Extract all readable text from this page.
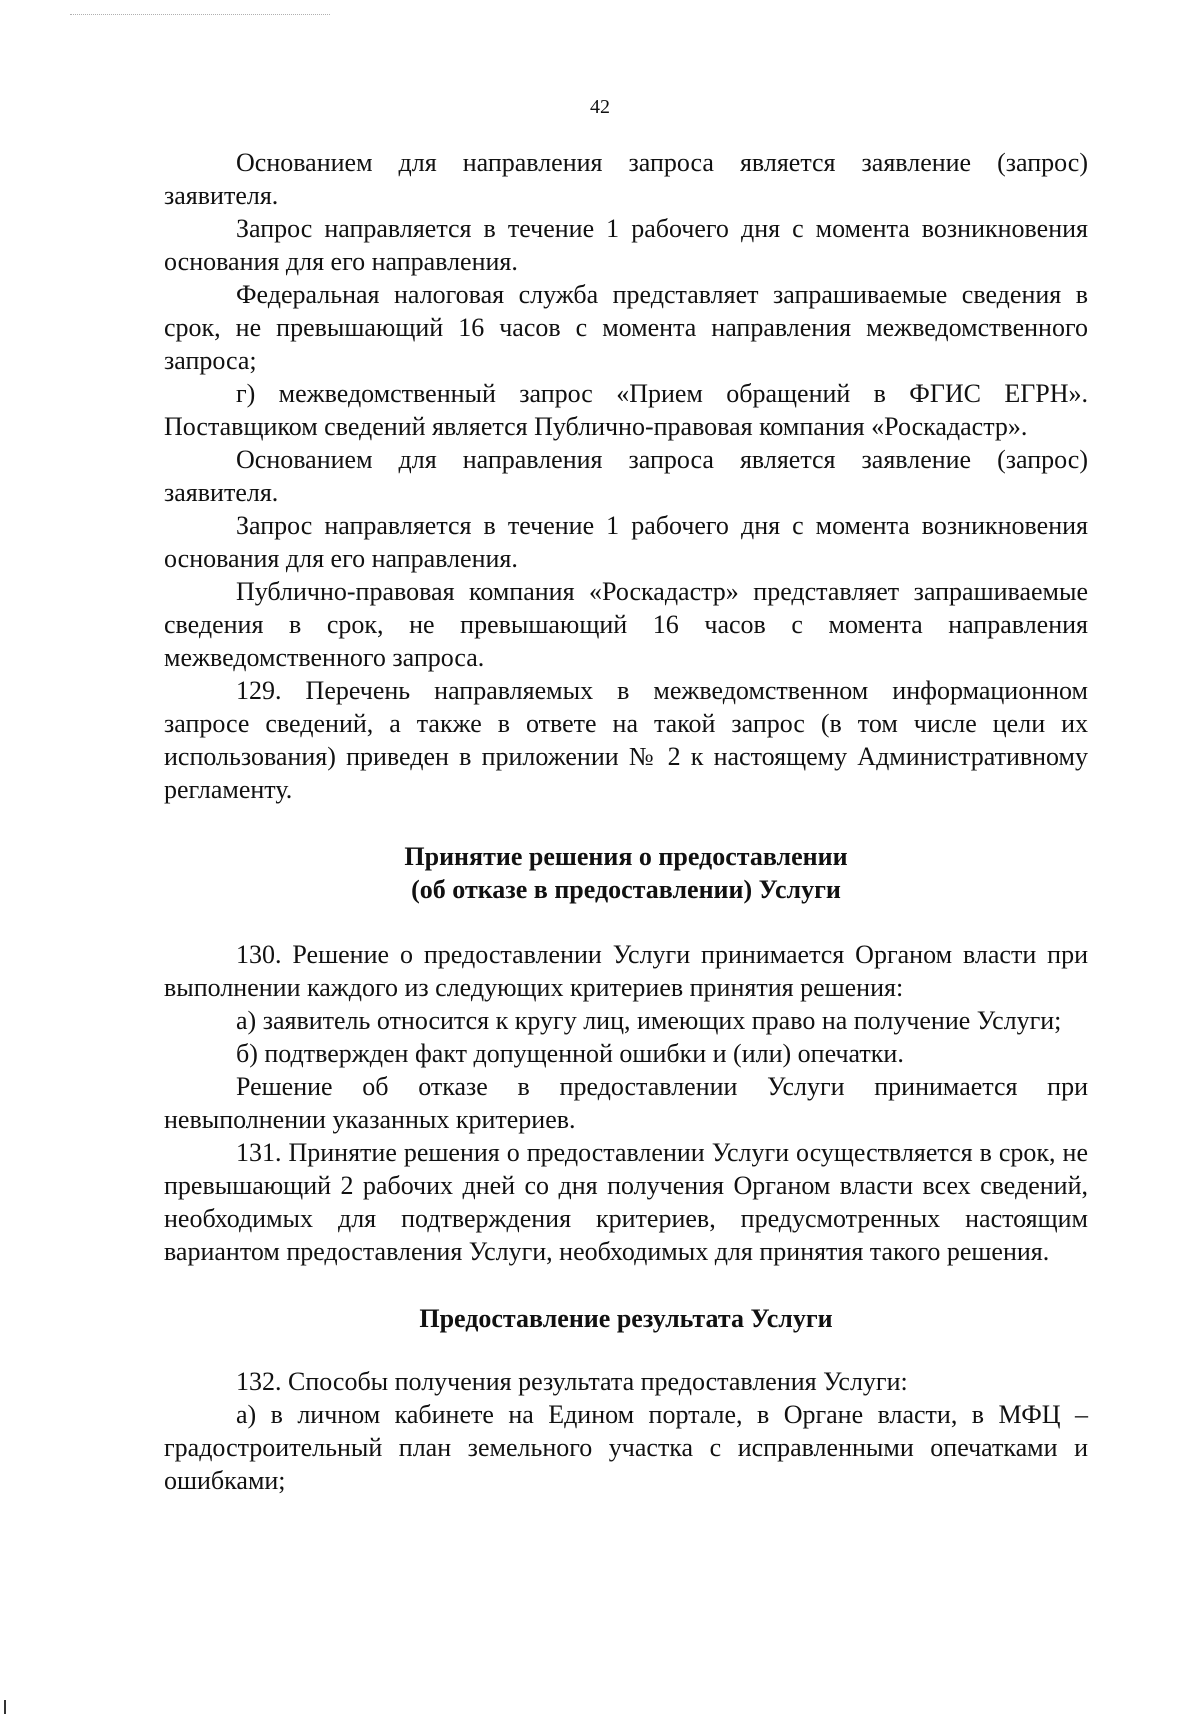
42

Основанием для направления запроса является заявление (запрос) заявителя.

Запрос направляется в течение 1 рабочего дня с момента возникновения основания для его направления.

Федеральная налоговая служба представляет запрашиваемые сведения в срок, не превышающий 16 часов с момента направления межведомственного запроса;

г) межведомственный запрос «Прием обращений в ФГИС ЕГРН». Поставщиком сведений является Публично-правовая компания «Роскадастр».

Основанием для направления запроса является заявление (запрос) заявителя.

Запрос направляется в течение 1 рабочего дня с момента возникновения основания для его направления.

Публично-правовая компания «Роскадастр» представляет запрашиваемые сведения в срок, не превышающий 16 часов с момента направления межведомственного запроса.

129. Перечень направляемых в межведомственном информационном запросе сведений, а также в ответе на такой запрос (в том числе цели их использования) приведен в приложении № 2 к настоящему Административному регламенту.

Принятие решения о предоставлении

(об отказе в предоставлении) Услуги

130. Решение о предоставлении Услуги принимается Органом власти при выполнении каждого из следующих критериев принятия решения:

а) заявитель относится к кругу лиц, имеющих право на получение Услуги;

б) подтвержден факт допущенной ошибки и (или) опечатки.

Решение об отказе в предоставлении Услуги принимается при невыполнении указанных критериев.

131. Принятие решения о предоставлении Услуги осуществляется в срок, не превышающий 2 рабочих дней со дня получения Органом власти всех сведений, необходимых для подтверждения критериев, предусмотренных настоящим вариантом предоставления Услуги, необходимых для принятия такого решения.

Предоставление результата Услуги

132. Способы получения результата предоставления Услуги:

а) в личном кабинете на Едином портале, в Органе власти, в МФЦ – градостроительный план земельного участка с исправленными опечатками и ошибками;
